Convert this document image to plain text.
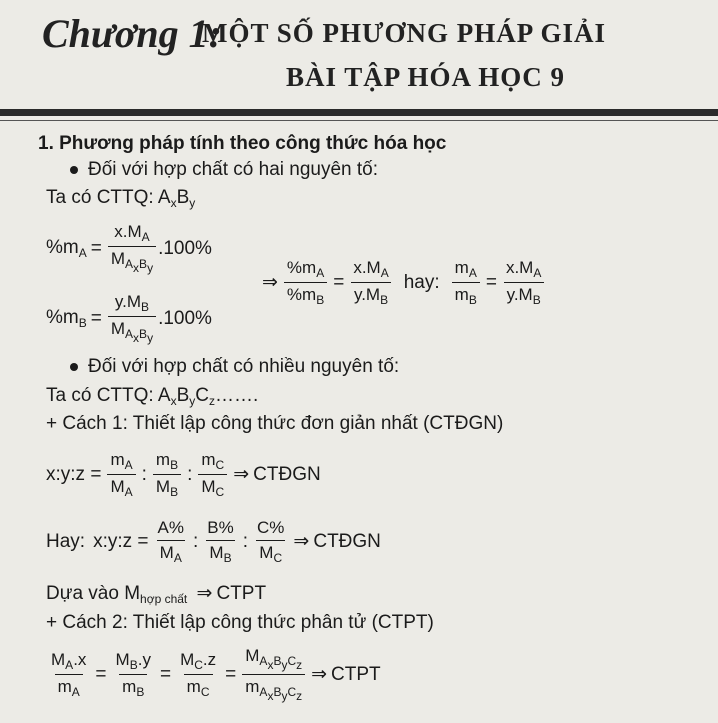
Chương 1:
MỘT SỐ PHƯƠNG PHÁP GIẢI
BÀI TẬP HÓA HỌC 9
1. Phương pháp tính theo công thức hóa học
Đối với hợp chất có hai nguyên tố:
Ta có CTTQ: $A_xB_y$
$\%m_A = \frac{x.M_A}{M_{A_xB_y}} .100\%$
$\%m_B = \frac{y.M_B}{M_{A_xB_y}} .100\%$
⇒ $\frac{\%m_A}{\%m_B} = \frac{x.M_A}{y.M_B}$ hay: $\frac{m_A}{m_B} = \frac{x.M_A}{y.M_B}$
Đối với hợp chất có nhiều nguyên tố:
Ta có CTTQ: $A_xB_yC_z\dots\dots$.
+ Cách 1: Thiết lập công thức đơn giản nhất (CTĐGN)
x:y:z = $\frac{m_A}{M_A}$ : $\frac{m_B}{M_B}$ : $\frac{m_C}{M_C}$ ⇒ CTĐGN
Hay: x:y:z = $\frac{A\%}{M_A}$ : $\frac{B\%}{M_B}$ : $\frac{C\%}{M_C}$ ⇒ CTĐGN
Dựa vào $M_{hợp chất}$ ⇒ CTPT
+ Cách 2: Thiết lập công thức phân tử (CTPT)
$\frac{M_A.x}{m_A} = \frac{M_B.y}{m_B} = \frac{M_C.z}{m_C} = \frac{M_{A_xB_yC_z}}{m_{A_xB_yC_z}}$ ⇒ CTPT
